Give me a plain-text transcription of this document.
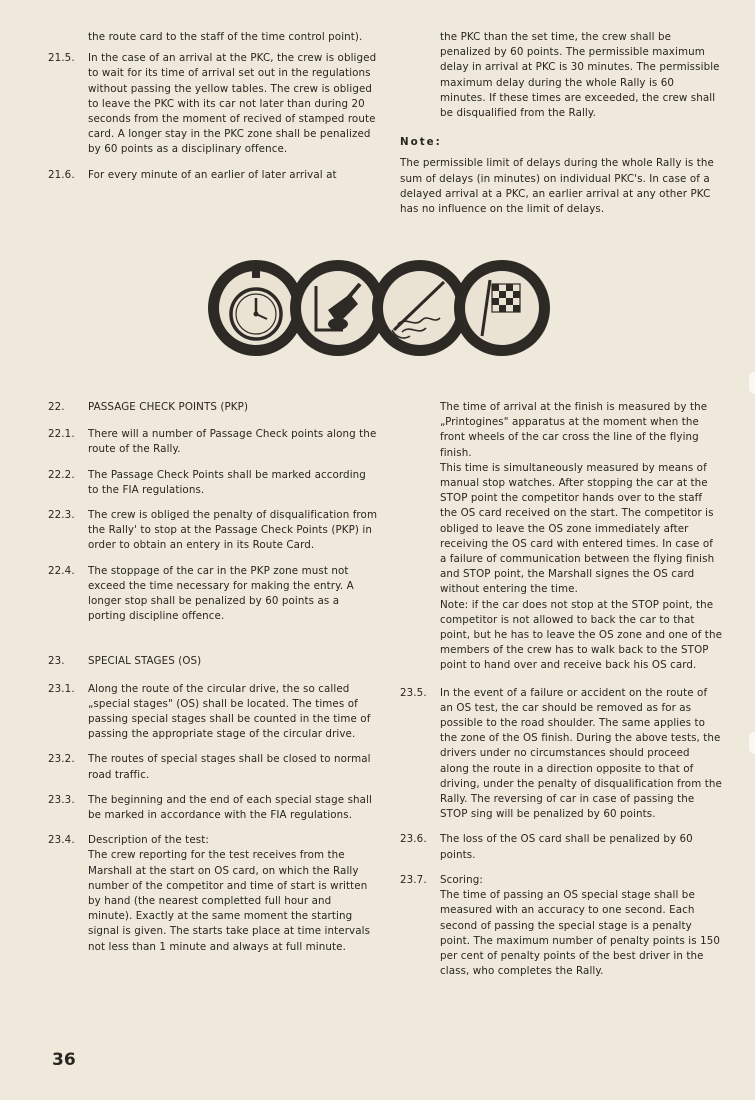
the route card to the staff of the time control point).

21.5.	In the case of an arrival at the PKC, the crew is obliged to wait for its time of arrival set out in the regulations without passing the yellow tables. The crew is obliged to leave the PKC with its car not later than during 20 seconds from the moment of recived of stamped route card. A longer stay in the PKC zone shall be penalized by 60 points as a disciplinary offence.

21.6.	For every minute of an earlier of later arrival at

the PKC than the set time, the crew shall be penalized by 60 points. The permissible maximum delay in arrival at PKC is 30 minutes. The permissible maximum delay during the whole Rally is 60 minutes. If these times are exceeded, the crew shall be disqualified from the Rally.

Note:

The permissible limit of delays during the whole Rally is the sum of delays (in minutes) on individual PKC's. In case of a delayed arrival at a PKC, an earlier arrival at any other PKC has no influence on the limit of delays.

22.	PASSAGE CHECK POINTS (PKP)

22.1.	There will a number of Passage Check points along the route of the Rally.

22.2.	The Passage Check Points shall be marked according to the FIA regulations.

22.3.	The crew is obliged the penalty of disqualification from the Rally' to stop at the Passage Check Points (PKP) in order to obtain an entery in its Route Card.

22.4.	The stoppage of the car in the PKP zone must not exceed the time necessary for making the entry. A longer stop shall be penalized by 60 points as a porting discipline offence.

23.	SPECIAL STAGES (OS)

23.1.	Along the route of the circular drive, the so called „special stages" (OS) shall be located. The times of passing special stages shall be counted in the time of passing the appropriate stage of the circular drive.

23.2.	The routes of special stages shall be closed to normal road traffic.

23.3.	The beginning and the end of each special stage shall be marked in accordance with the FIA regulations.

23.4.	Description of the test:

The crew reporting for the test receives from the Marshall at the start on OS card, on which the Rally number of the competitor and time of start is written by hand (the nearest completted full hour and minute). Exactly at the same moment the starting signal is given. The starts take place at time intervals not less than 1 minute and always at full minute.

The time of arrival at the finish is measured by the „Printogines" apparatus at the moment when the front wheels of the car cross the line of the flying finish.

This time is simultaneously measured by means of manual stop watches. After stopping the car at the STOP point the competitor hands over to the staff the OS card received on the start. The competitor is obliged to leave the OS zone immediately after receiving the OS card with entered times. In case of a failure of communication between the flying finish and STOP point, the Marshall signes the OS card without entering the time.

Note: if the car does not stop at the STOP point, the competitor is not allowed to back the car to that point, but he has to leave the OS zone and one of the members of the crew has to walk back to the STOP point to hand over and receive back his OS card.

23.5.	In the event of a failure or accident on the route of an OS test, the car should be removed as for as possible to the road shoulder. The same applies to the zone of the OS finish. During the above tests, the drivers under no circumstances should proceed along the route in a direction opposite to that of driving, under the penalty of disqualification from the Rally. The reversing of car in case of passing the STOP sing will be penalized by 60 points.

23.6.	The loss of the OS card shall be penalized by 60 points.

23.7.	Scoring:

The time of passing an OS special stage shall be measured with an accuracy to one second. Each second of passing the special stage is a penalty point. The maximum number of penalty points is 150 per cent of penalty points of the best driver in the class, who completes the Rally.

36
